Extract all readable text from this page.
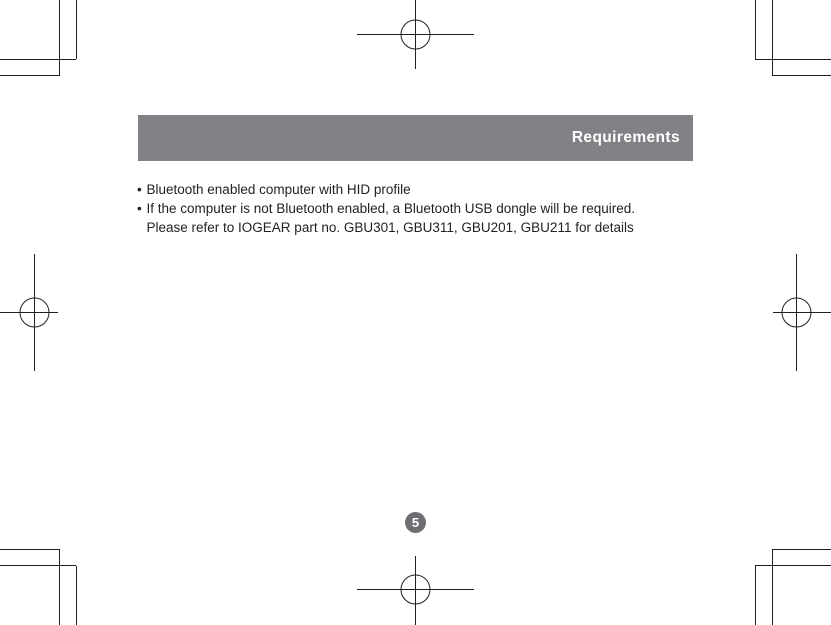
Requirements
• Bluetooth enabled computer with HID profile
• If the computer is not Bluetooth enabled, a Bluetooth USB dongle will be required.
Please refer to IOGEAR part no. GBU301, GBU311, GBU201, GBU211 for details
5
